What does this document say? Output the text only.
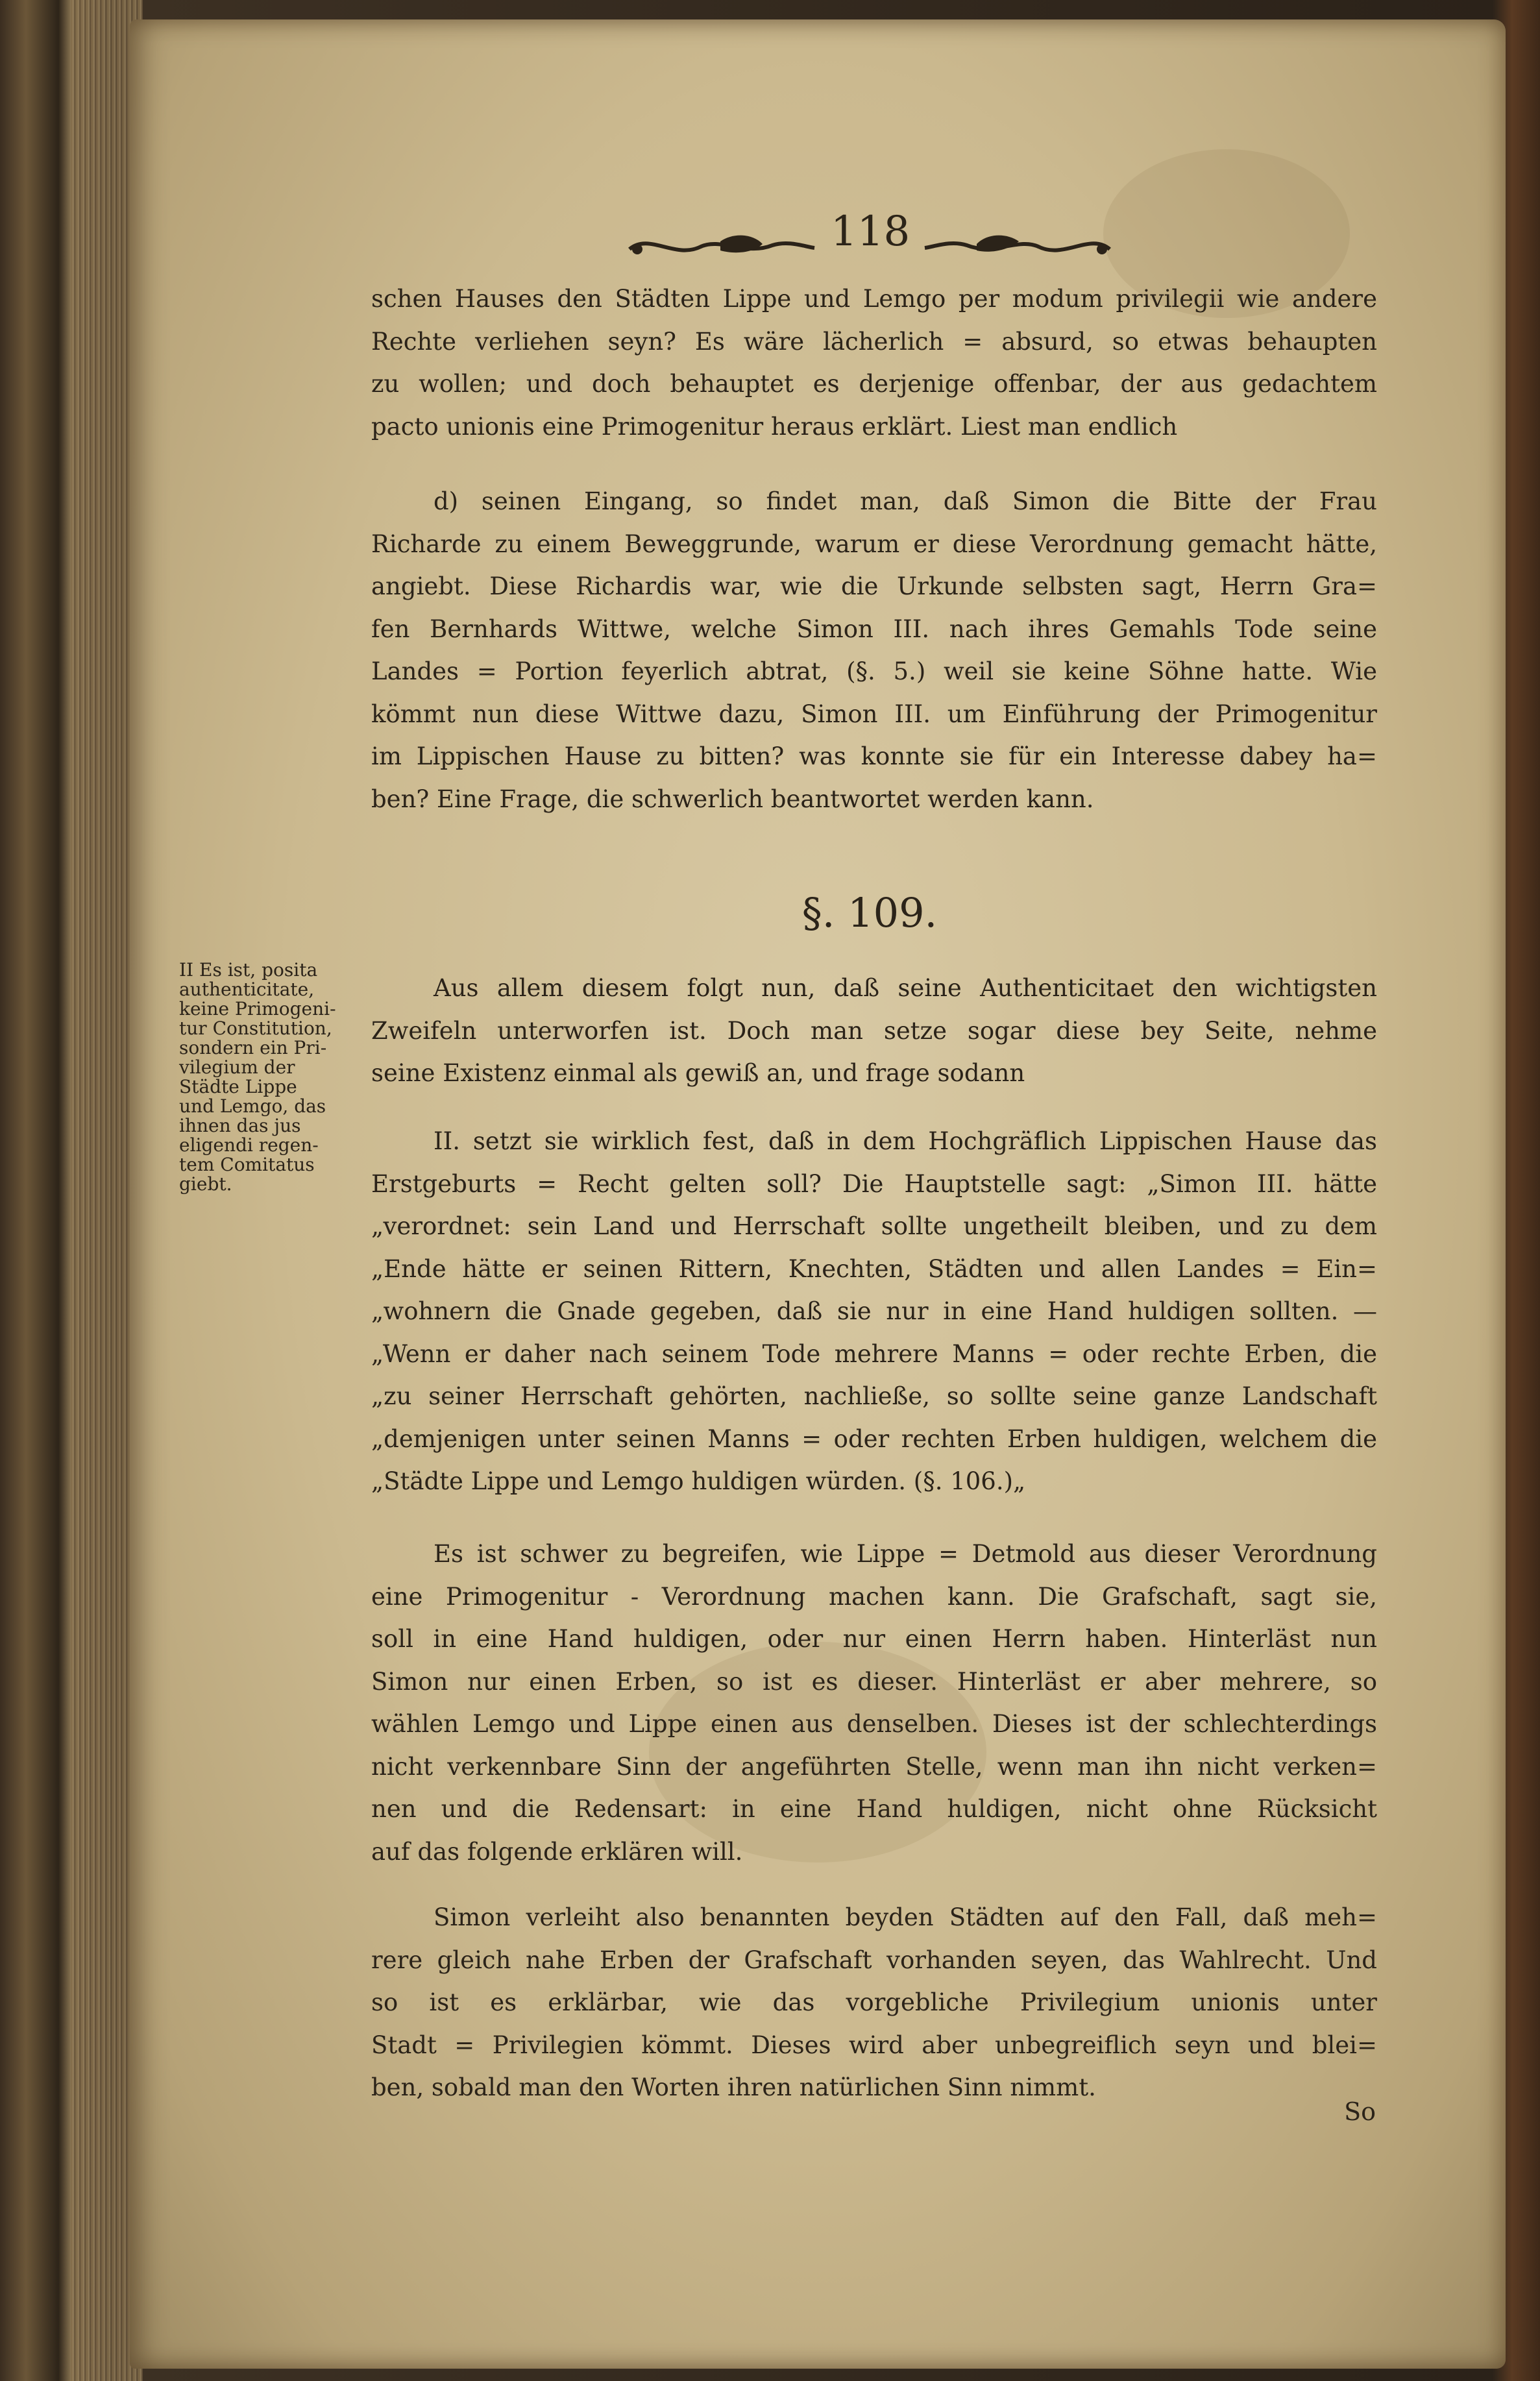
118

schen Hauses den Städten Lippe und Lemgo per modum privilegii wie andere

Rechte verliehen seyn? Es wäre lächerlich = absurd, so etwas behaupten

zu wollen; und doch behauptet es derjenige offenbar, der aus gedachtem

pacto unionis eine Primogenitur heraus erklärt. Liest man endlich

d) seinen Eingang, so findet man, daß Simon die Bitte der Frau

Richarde zu einem Beweggrunde, warum er diese Verordnung gemacht hätte,

angiebt. Diese Richardis war, wie die Urkunde selbsten sagt, Herrn Gra=

fen Bernhards Wittwe, welche Simon III. nach ihres Gemahls Tode seine

Landes = Portion feyerlich abtrat, (§. 5.) weil sie keine Söhne hatte. Wie

kömmt nun diese Wittwe dazu, Simon III. um Einführung der Primogenitur

im Lippischen Hause zu bitten? was konnte sie für ein Interesse dabey ha=

ben? Eine Frage, die schwerlich beantwortet werden kann.

§. 109.
II Es ist, posita
authenticitate,
keine Primogeni-
tur Constitution,
sondern ein Pri-
vilegium der
Städte Lippe
und Lemgo, das
ihnen das jus
eligendi regen-
tem Comitatus
giebt.

Aus allem diesem folgt nun, daß seine Authenticitaet den wichtigsten

Zweifeln unterworfen ist. Doch man setze sogar diese bey Seite, nehme

seine Existenz einmal als gewiß an, und frage sodann

II. setzt sie wirklich fest, daß in dem Hochgräflich Lippischen Hause das

Erstgeburts = Recht gelten soll? Die Hauptstelle sagt: „Simon III. hätte

„verordnet: sein Land und Herrschaft sollte ungetheilt bleiben, und zu dem

„Ende hätte er seinen Rittern, Knechten, Städten und allen Landes = Ein=

„wohnern die Gnade gegeben, daß sie nur in eine Hand huldigen sollten. —

„Wenn er daher nach seinem Tode mehrere Manns = oder rechte Erben, die

„zu seiner Herrschaft gehörten, nachließe, so sollte seine ganze Landschaft

„demjenigen unter seinen Manns = oder rechten Erben huldigen, welchem die

„Städte Lippe und Lemgo huldigen würden. (§. 106.)„

Es ist schwer zu begreifen, wie Lippe = Detmold aus dieser Verordnung

eine Primogenitur - Verordnung machen kann. Die Grafschaft, sagt sie,

soll in eine Hand huldigen, oder nur einen Herrn haben. Hinterläst nun

Simon nur einen Erben, so ist es dieser. Hinterläst er aber mehrere, so

wählen Lemgo und Lippe einen aus denselben. Dieses ist der schlechterdings

nicht verkennbare Sinn der angeführten Stelle, wenn man ihn nicht verken=

nen und die Redensart: in eine Hand huldigen, nicht ohne Rücksicht

auf das folgende erklären will.

Simon verleiht also benannten beyden Städten auf den Fall, daß meh=

rere gleich nahe Erben der Grafschaft vorhanden seyen, das Wahlrecht. Und

so ist es erklärbar, wie das vorgebliche Privilegium unionis unter

Stadt = Privilegien kömmt. Dieses wird aber unbegreiflich seyn und blei=

ben, sobald man den Worten ihren natürlichen Sinn nimmt.

So
